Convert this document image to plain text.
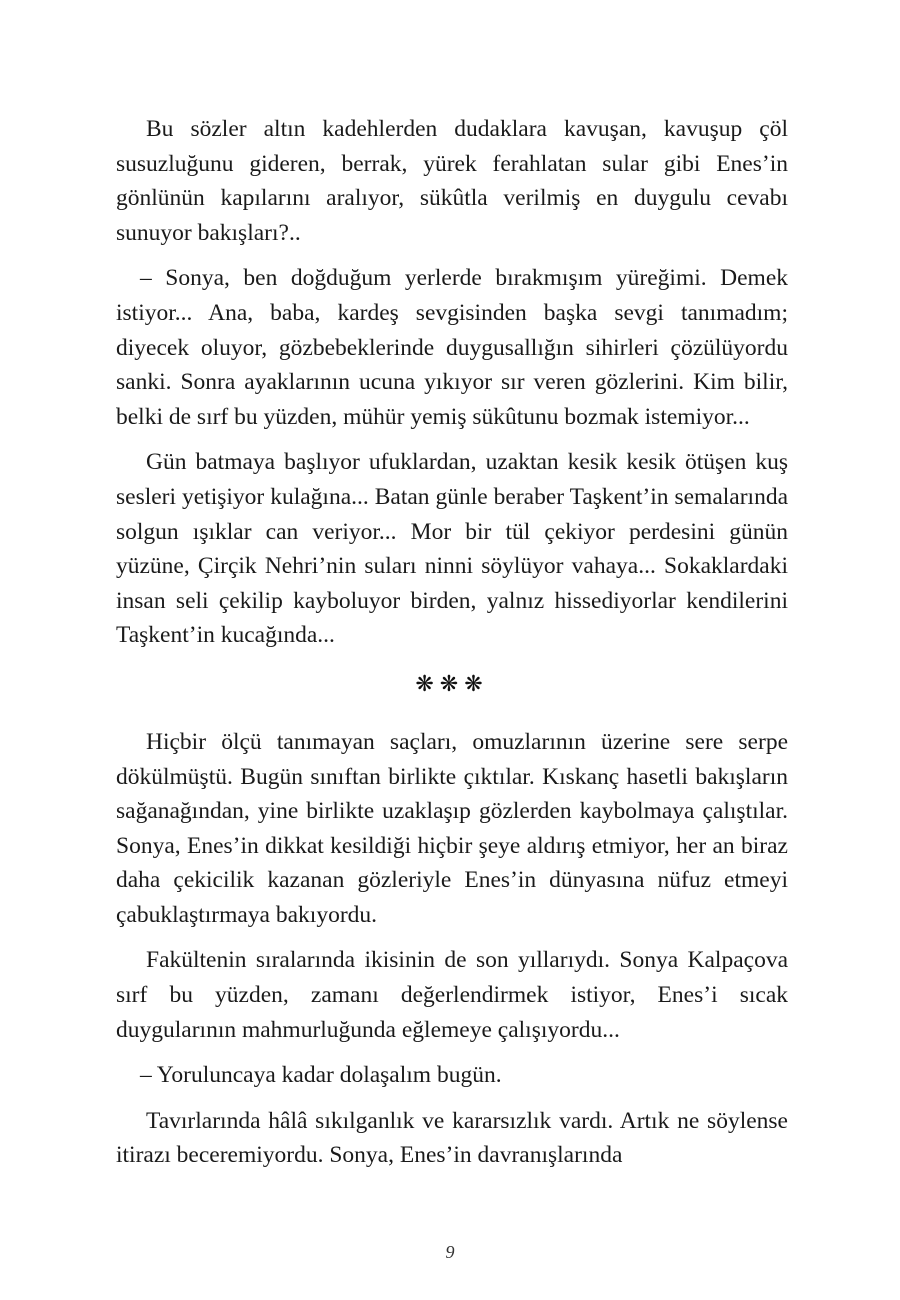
Bu sözler altın kadehlerden dudaklara kavuşan, kavuşup çöl susuzluğunu gideren, berrak, yürek ferahlatan sular gibi Enes’in gönlünün kapılarını aralıyor, sükûtla verilmiş en duygulu cevabı sunuyor bakışları?..

– Sonya, ben doğduğum yerlerde bırakmışım yüreğimi. Demek istiyor... Ana, baba, kardeş sevgisinden başka sevgi tanımadım; diyecek oluyor, gözbebeklerinde duygusallığın sihirleri çözülüyordu sanki. Sonra ayaklarının ucuna yıkıyor sır veren gözlerini. Kim bilir, belki de sırf bu yüzden, mühür yemiş sükûtunu bozmak istemiyor...

Gün batmaya başlıyor ufuklardan, uzaktan kesik kesik ötüşen kuş sesleri yetişiyor kulağına... Batan günle beraber Taşkent’in semalarında solgun ışıklar can veriyor... Mor bir tül çekiyor perdesini günün yüzüne, Çirçik Nehri’nin suları ninni söylüyor vahaya... Sokaklardaki insan seli çekilip kayboluyor birden, yalnız hissediyorlar kendilerini Taşkent’in kucağında...

❋❋❋

Hiçbir ölçü tanımayan saçları, omuzlarının üzerine sere serpe dökülmüştü. Bugün sınıftan birlikte çıktılar. Kıskanç hasetli bakışların sağanağından, yine birlikte uzaklaşıp gözlerden kaybolmaya çalıştılar. Sonya, Enes’in dikkat kesildiği hiçbir şeye aldırış etmiyor, her an biraz daha çekicilik kazanan gözleriyle Enes’in dünyasına nüfuz etmeyi çabuklaştırmaya bakıyordu.

Fakültenin sıralarında ikisinin de son yıllarıydı. Sonya Kalpaçova sırf bu yüzden, zamanı değerlendirmek istiyor, Enes’i sıcak duygularının mahmurluğunda eğlemeye çalışıyordu...

– Yoruluncaya kadar dolaşalım bugün.

Tavırlarında hâlâ sıkılganlık ve kararsızlık vardı. Artık ne söylense itirazı beceremiyordu. Sonya, Enes’in davranışlarında

9
